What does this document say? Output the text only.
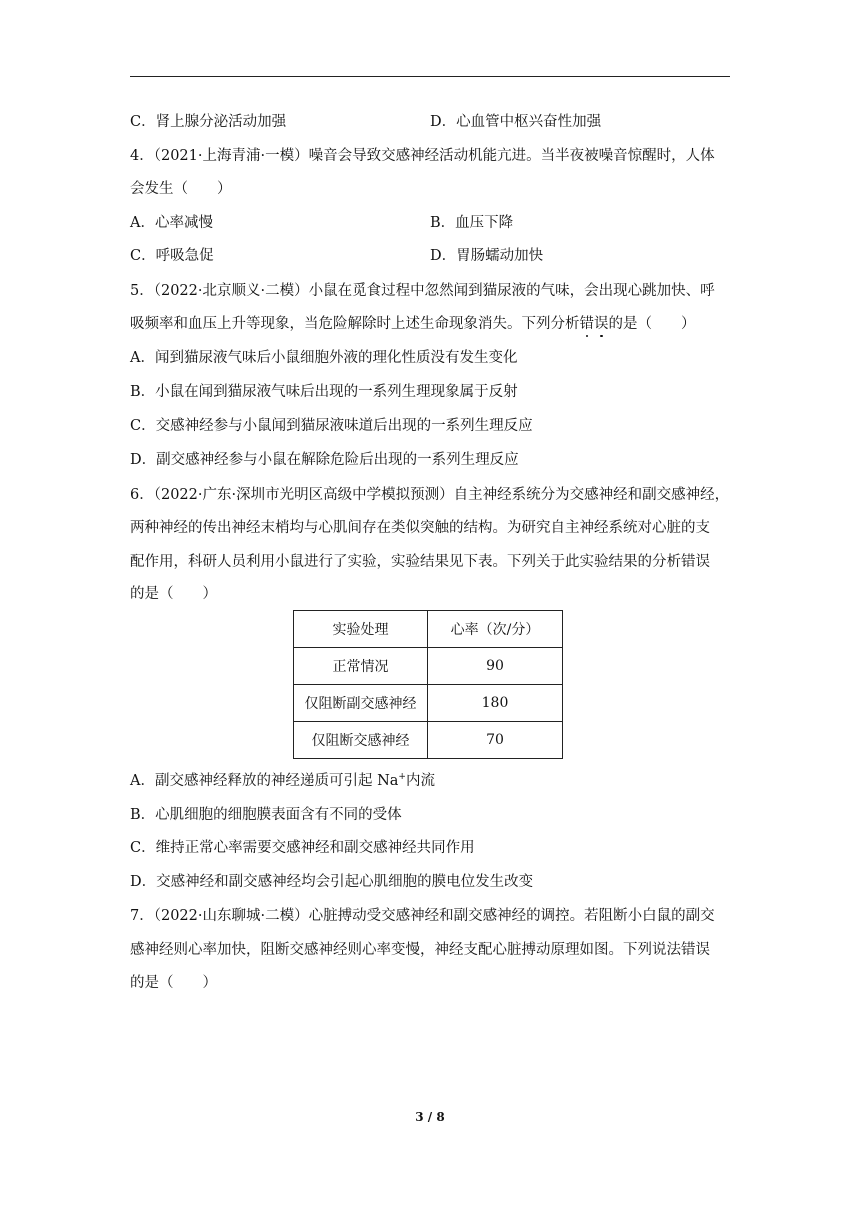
C．肾上腺分泌活动加强	D．心血管中枢兴奋性加强
4．（2021·上海青浦·一模）噪音会导致交感神经活动机能亢进。当半夜被噪音惊醒时，人体
会发生（　　）
A．心率减慢	B．血压下降
C．呼吸急促	D．胃肠蠕动加快
5．（2022·北京顺义·二模）小鼠在觅食过程中忽然闻到猫尿液的气味，会出现心跳加快、呼
吸频率和血压上升等现象，当危险解除时上述生命现象消失。下列分析错误的是（　　）
A．闻到猫尿液气味后小鼠细胞外液的理化性质没有发生变化
B．小鼠在闻到猫尿液气味后出现的一系列生理现象属于反射
C．交感神经参与小鼠闻到猫尿液味道后出现的一系列生理反应
D．副交感神经参与小鼠在解除危险后出现的一系列生理反应
6．（2022·广东·深圳市光明区高级中学模拟预测）自主神经系统分为交感神经和副交感神经，
两种神经的传出神经末梢均与心肌间存在类似突触的结构。为研究自主神经系统对心脏的支
配作用，科研人员利用小鼠进行了实验，实验结果见下表。下列关于此实验结果的分析错误
的是（　　）
实验处理	心率（次/分）
正常情况	90
仅阻断副交感神经	180
仅阻断交感神经	70
A．副交感神经释放的神经递质可引起 Na+内流
B．心肌细胞的细胞膜表面含有不同的受体
C．维持正常心率需要交感神经和副交感神经共同作用
D．交感神经和副交感神经均会引起心肌细胞的膜电位发生改变
7．（2022·山东聊城·二模）心脏搏动受交感神经和副交感神经的调控。若阻断小白鼠的副交
感神经则心率加快，阻断交感神经则心率变慢，神经支配心脏搏动原理如图。下列说法错误
的是（　　）
3 / 8
